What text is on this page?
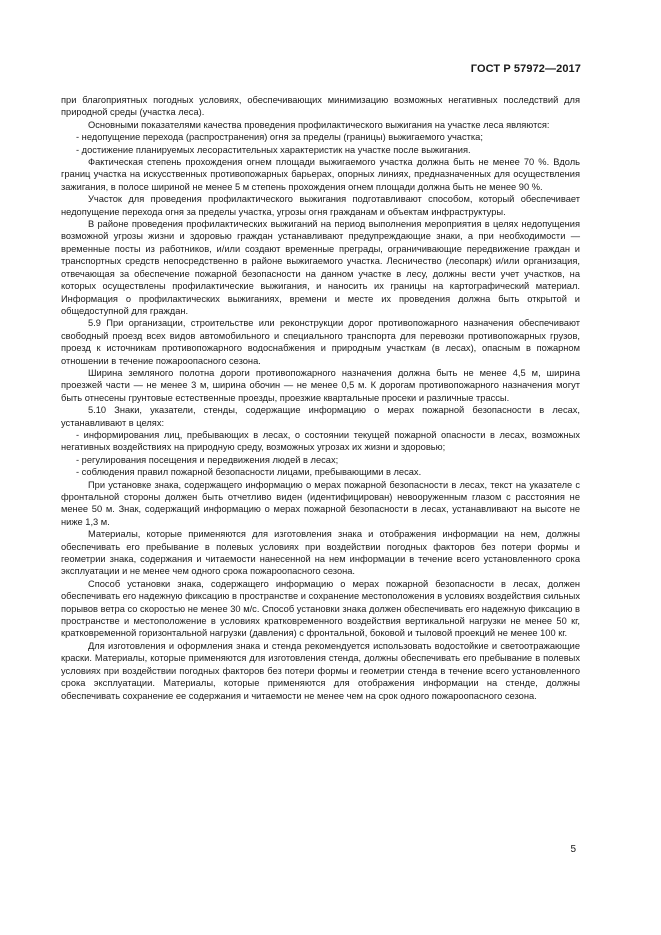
ГОСТ Р 57972—2017

при благоприятных погодных условиях, обеспечивающих минимизацию возможных негативных последствий для природной среды (участка леса).

Основными показателями качества проведения профилактического выжигания на участке леса являются:

- недопущение перехода (распространения) огня за пределы (границы) выжигаемого участка;

- достижение планируемых лесорастительных характеристик на участке после выжигания.

Фактическая степень прохождения огнем площади выжигаемого участка должна быть не менее 70 %. Вдоль границ участка на искусственных противопожарных барьерах, опорных линиях, предназначенных для осуществления зажигания, в полосе шириной не менее 5 м степень прохождения огнем площади должна быть не менее 90 %.

Участок для проведения профилактического выжигания подготавливают способом, который обеспечивает недопущение перехода огня за пределы участка, угрозы огня гражданам и объектам инфраструктуры.

В районе проведения профилактических выжиганий на период выполнения мероприятия в целях недопущения возможной угрозы жизни и здоровью граждан устанавливают предупреждающие знаки, а при необходимости — временные посты из работников, и/или создают временные преграды, ограничивающие передвижение граждан и транспортных средств непосредственно в районе выжигаемого участка. Лесничество (лесопарк) и/или организация, отвечающая за обеспечение пожарной безопасности на данном участке в лесу, должны вести учет участков, на которых осуществлены профилактические выжигания, и наносить их границы на картографический материал. Информация о профилактических выжиганиях, времени и месте их проведения должна быть открытой и общедоступной для граждан.

5.9 При организации, строительстве или реконструкции дорог противопожарного назначения обеспечивают свободный проезд всех видов автомобильного и специального транспорта для перевозки противопожарных грузов, проезд к источникам противопожарного водоснабжения и природным участкам (в лесах), опасным в пожарном отношении в течение пожароопасного сезона.

Ширина земляного полотна дороги противопожарного назначения должна быть не менее 4,5 м, ширина проезжей части — не менее 3 м, ширина обочин — не менее 0,5 м. К дорогам противопожарного назначения могут быть отнесены грунтовые естественные проезды, проезжие квартальные просеки и различные трассы.

5.10 Знаки, указатели, стенды, содержащие информацию о мерах пожарной безопасности в лесах, устанавливают в целях:

- информирования лиц, пребывающих в лесах, о состоянии текущей пожарной опасности в лесах, возможных негативных воздействиях на природную среду, возможных угрозах их жизни и здоровью;

- регулирования посещения и передвижения людей в лесах;

- соблюдения правил пожарной безопасности лицами, пребывающими в лесах.

При установке знака, содержащего информацию о мерах пожарной безопасности в лесах, текст на указателе с фронтальной стороны должен быть отчетливо виден (идентифицирован) невооруженным глазом с расстояния не менее 50 м. Знак, содержащий информацию о мерах пожарной безопасности в лесах, устанавливают на высоте не ниже 1,3 м.

Материалы, которые применяются для изготовления знака и отображения информации на нем, должны обеспечивать его пребывание в полевых условиях при воздействии погодных факторов без потери формы и геометрии знака, содержания и читаемости нанесенной на нем информации в течение всего установленного срока эксплуатации и не менее чем одного срока пожароопасного сезона.

Способ установки знака, содержащего информацию о мерах пожарной безопасности в лесах, должен обеспечивать его надежную фиксацию в пространстве и сохранение местоположения в условиях воздействия сильных порывов ветра со скоростью не менее 30 м/с. Способ установки знака должен обеспечивать его надежную фиксацию в пространстве и местоположение в условиях кратковременного воздействия вертикальной нагрузки не менее 50 кг, кратковременной горизонтальной нагрузки (давления) с фронтальной, боковой и тыловой проекций не менее 100 кг.

Для изготовления и оформления знака и стенда рекомендуется использовать водостойкие и светоотражающие краски. Материалы, которые применяются для изготовления стенда, должны обеспечивать его пребывание в полевых условиях при воздействии погодных факторов без потери формы и геометрии стенда в течение всего установленного срока эксплуатации. Материалы, которые применяются для отображения информации на стенде, должны обеспечивать сохранение ее содержания и читаемости не менее чем на срок одного пожароопасного сезона.

5
